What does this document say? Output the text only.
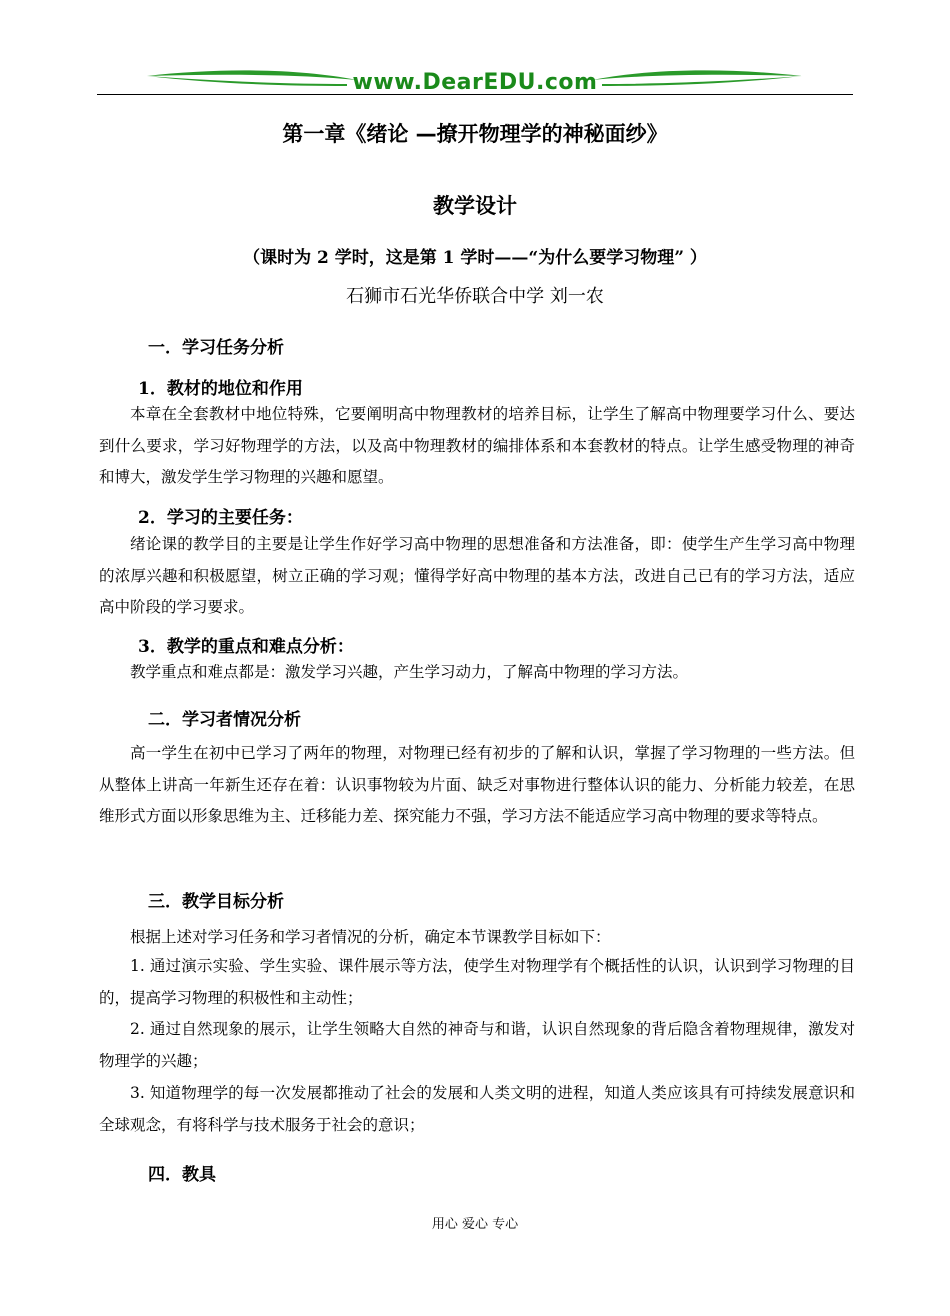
www.DearEDU.com
第一章《绪论 —撩开物理学的神秘面纱》
教学设计
（课时为 2 学时，这是第 1 学时——“为什么要学习物理” ）
石狮市石光华侨联合中学 刘一农
一．学习任务分析
1．教材的地位和作用
本章在全套教材中地位特殊，它要阐明高中物理教材的培养目标，让学生了解高中物理要学习什么、要达到什么要求，学习好物理学的方法，以及高中物理教材的编排体系和本套教材的特点。让学生感受物理的神奇和博大，激发学生学习物理的兴趣和愿望。
2．学习的主要任务：
绪论课的教学目的主要是让学生作好学习高中物理的思想准备和方法准备，即：使学生产生学习高中物理的浓厚兴趣和积极愿望，树立正确的学习观；懂得学好高中物理的基本方法，改进自己已有的学习方法，适应高中阶段的学习要求。
3．教学的重点和难点分析：
教学重点和难点都是：激发学习兴趣，产生学习动力，了解高中物理的学习方法。
二．学习者情况分析
高一学生在初中已学习了两年的物理，对物理已经有初步的了解和认识，掌握了学习物理的一些方法。但从整体上讲高一年新生还存在着：认识事物较为片面、缺乏对事物进行整体认识的能力、分析能力较差，在思维形式方面以形象思维为主、迁移能力差、探究能力不强，学习方法不能适应学习高中物理的要求等特点。
三．教学目标分析
根据上述对学习任务和学习者情况的分析，确定本节课教学目标如下：
1. 通过演示实验、学生实验、课件展示等方法，使学生对物理学有个概括性的认识，认识到学习物理的目的，提高学习物理的积极性和主动性；
2. 通过自然现象的展示，让学生领略大自然的神奇与和谐，认识自然现象的背后隐含着物理规律，激发对物理学的兴趣；
3. 知道物理学的每一次发展都推动了社会的发展和人类文明的进程，知道人类应该具有可持续发展意识和全球观念，有将科学与技术服务于社会的意识；
四．教具
用心 爱心 专心
